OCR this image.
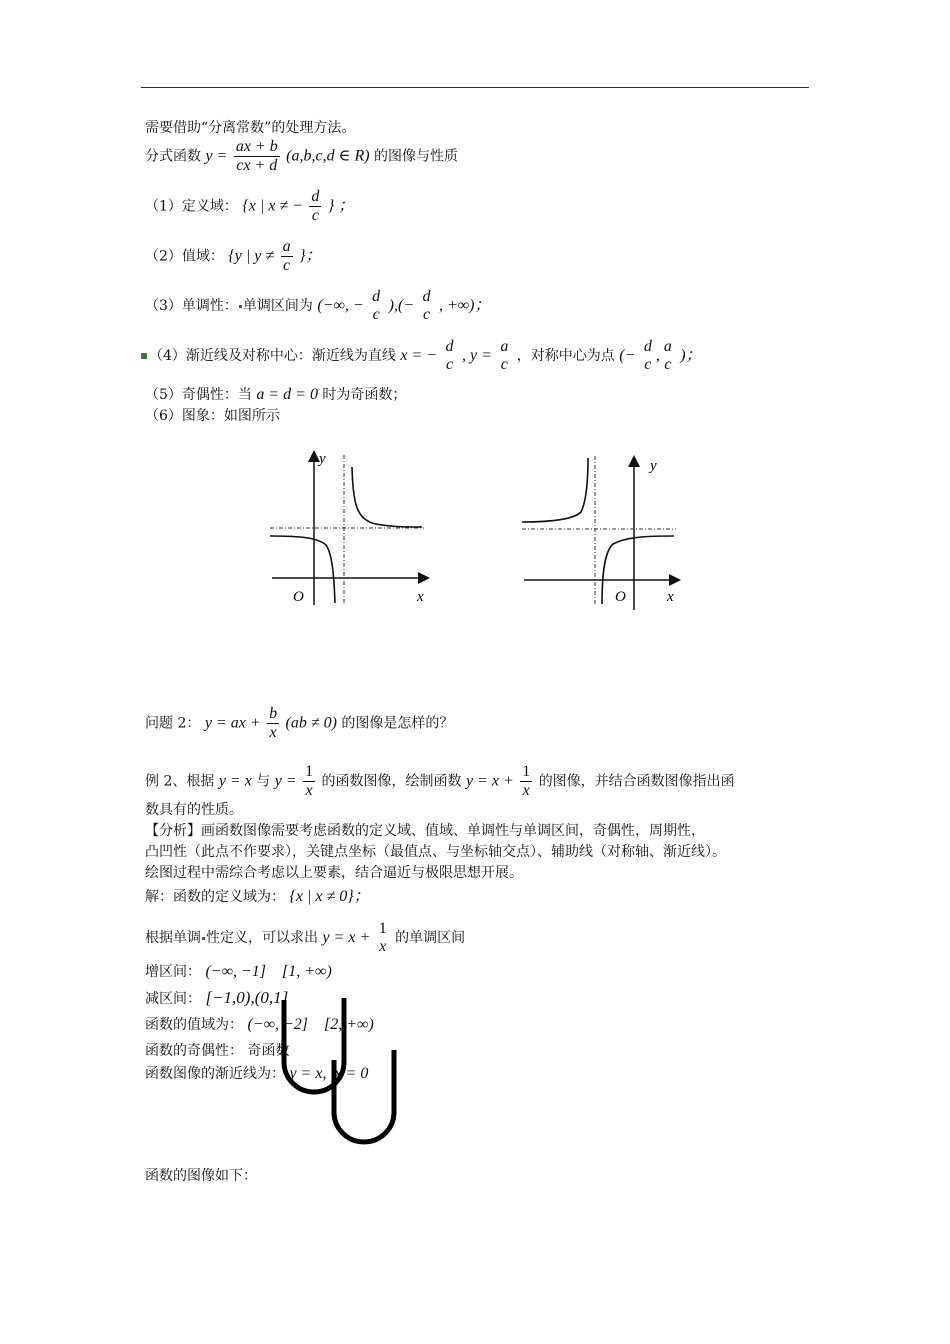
需要借助“分离常数”的处理方法。
分式函数 $y = \frac{ax + b}{cx + d} (a,b,c,d$ ∈ R) 的图像与性质
（1）定义域： {x | x ≠ − $\frac{d}{c}$ } ；
（2）值域： {y | $y \ne \frac{a}{c}$ }；
（3）单调性： 单调区间为 (−∞, −
d
c
),(−
d
c
, +∞)；
（4）渐近线及对称中心：渐近线为直线 x = −
d
c
, y =
a
c ，对称中心为点 (−
d
c
,
a
c
)；
（5）奇偶性：当 a = d = 0 时为奇函数；
（6）图象：如图所示
y
O	x
y
O	x
问题 2： y = ax + $\frac{b}{x} (ab \ne 0)$ 的图像是怎样的？
例 2、根据 y = x 与 $y = \frac{1}{x}$ 的函数图像，绘制函数 $y = x + \frac{1}{x}$ 的图像，并结合函数图像指出函
数具有的性质。
【分析】画函数图像需要考虑函数的定义域、值域、单调性与单调区间，奇偶性，周期性，
凸凹性（此点不作要求），关键点坐标（最值点、与坐标轴交点）、辅助线（对称轴、渐近线）。
绘图过程中需综合考虑以上要素，结合逼近与极限思想开展。
解：函数的定义域为： {x | x ≠ 0}；
根据单调 性定义，可以求出 y = x +
1
x 的单调区间
增区间： (−∞, −1]    [1, +∞)
减区间： [−1,0),(0,1]
函数的值域为： (−∞, −2]    [2, +∞)
函数的奇偶性： 奇函数
函数图像的渐近线为： y = x,  x = 0
函数的图像如下：
